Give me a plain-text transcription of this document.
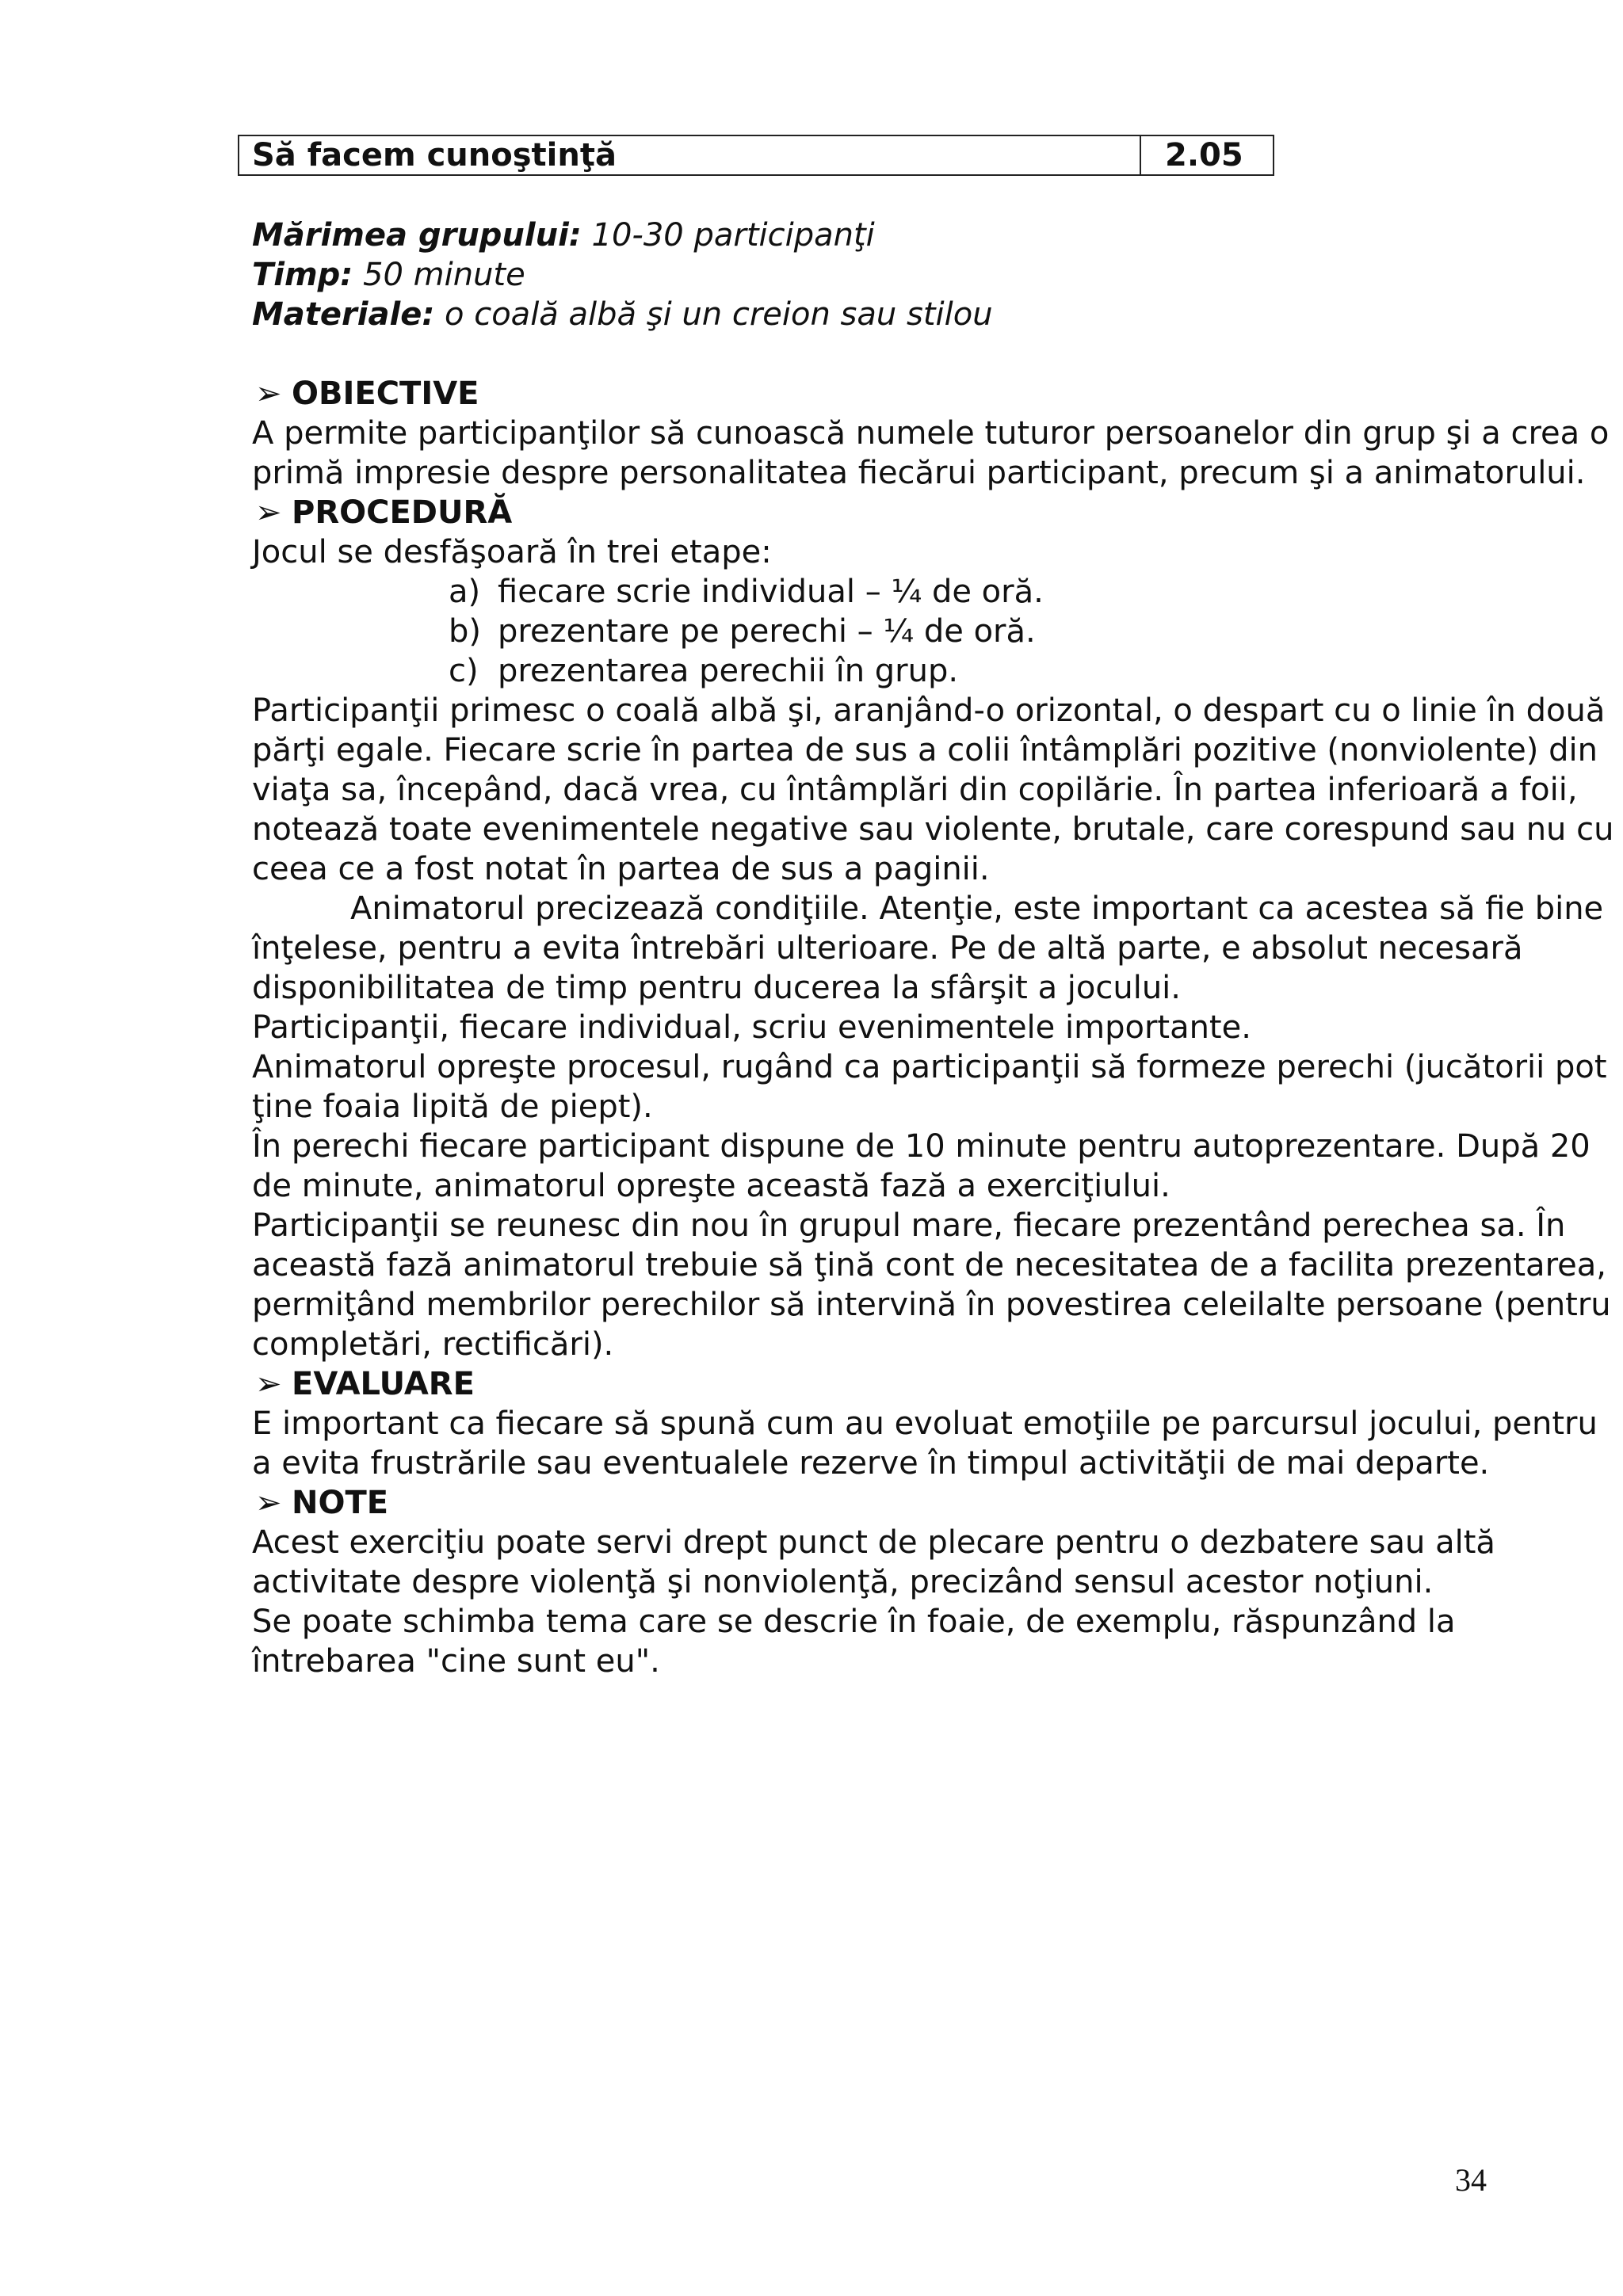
Să facem cunoştinţă	2.05
Mărimea grupului: 10-30 participanţi
Timp: 50 minute
Materiale: o coală albă şi un creion sau stilou
➢ OBIECTIVE

A permite participanţilor să cunoască numele tuturor persoanelor din grup şi a crea o

primă impresie despre personalitatea fiecărui participant, precum şi a animatorului.

➢ PROCEDURĂ

Jocul se desfăşoară în trei etape:

a) fiecare scrie individual – ¼ de oră.
b) prezentare pe perechi – ¼ de oră.
c) prezentarea perechii în grup.

Participanţii primesc o coală albă şi, aranjând-o orizontal, o despart cu o linie în două

părţi egale. Fiecare scrie în partea de sus a colii întâmplări pozitive (nonviolente) din

viaţa sa, începând, dacă vrea, cu întâmplări din copilărie. În partea inferioară a foii,

notează toate evenimentele negative sau violente, brutale, care corespund sau nu cu

ceea ce a fost notat în partea de sus a paginii.

Animatorul precizează condiţiile. Atenţie, este important ca acestea să fie bine

înţelese, pentru a evita întrebări ulterioare. Pe de altă parte, e absolut necesară

disponibilitatea de timp pentru ducerea la sfârşit a jocului.

Participanţii, fiecare individual, scriu evenimentele importante.

Animatorul opreşte procesul, rugând ca participanţii să formeze perechi (jucătorii pot

ţine foaia lipită de piept).

În perechi fiecare participant dispune de 10 minute pentru autoprezentare. După 20

de minute, animatorul opreşte această fază a exerciţiului.

Participanţii se reunesc din nou în grupul mare, fiecare prezentând perechea sa. În

această fază animatorul trebuie să ţină cont de necesitatea de a facilita prezentarea,

permiţând membrilor perechilor să intervină în povestirea celeilalte persoane (pentru

completări, rectificări).

➢ EVALUARE

E important ca fiecare să spună cum au evoluat emoţiile pe parcursul jocului, pentru

a evita frustrările sau eventualele rezerve în timpul activităţii de mai departe.

➢ NOTE

Acest exerciţiu poate servi drept punct de plecare pentru o dezbatere sau altă

activitate despre violenţă şi nonviolenţă, precizând sensul acestor noţiuni.

Se poate schimba tema care se descrie în foaie, de exemplu, răspunzând la

întrebarea "cine sunt eu".

34
